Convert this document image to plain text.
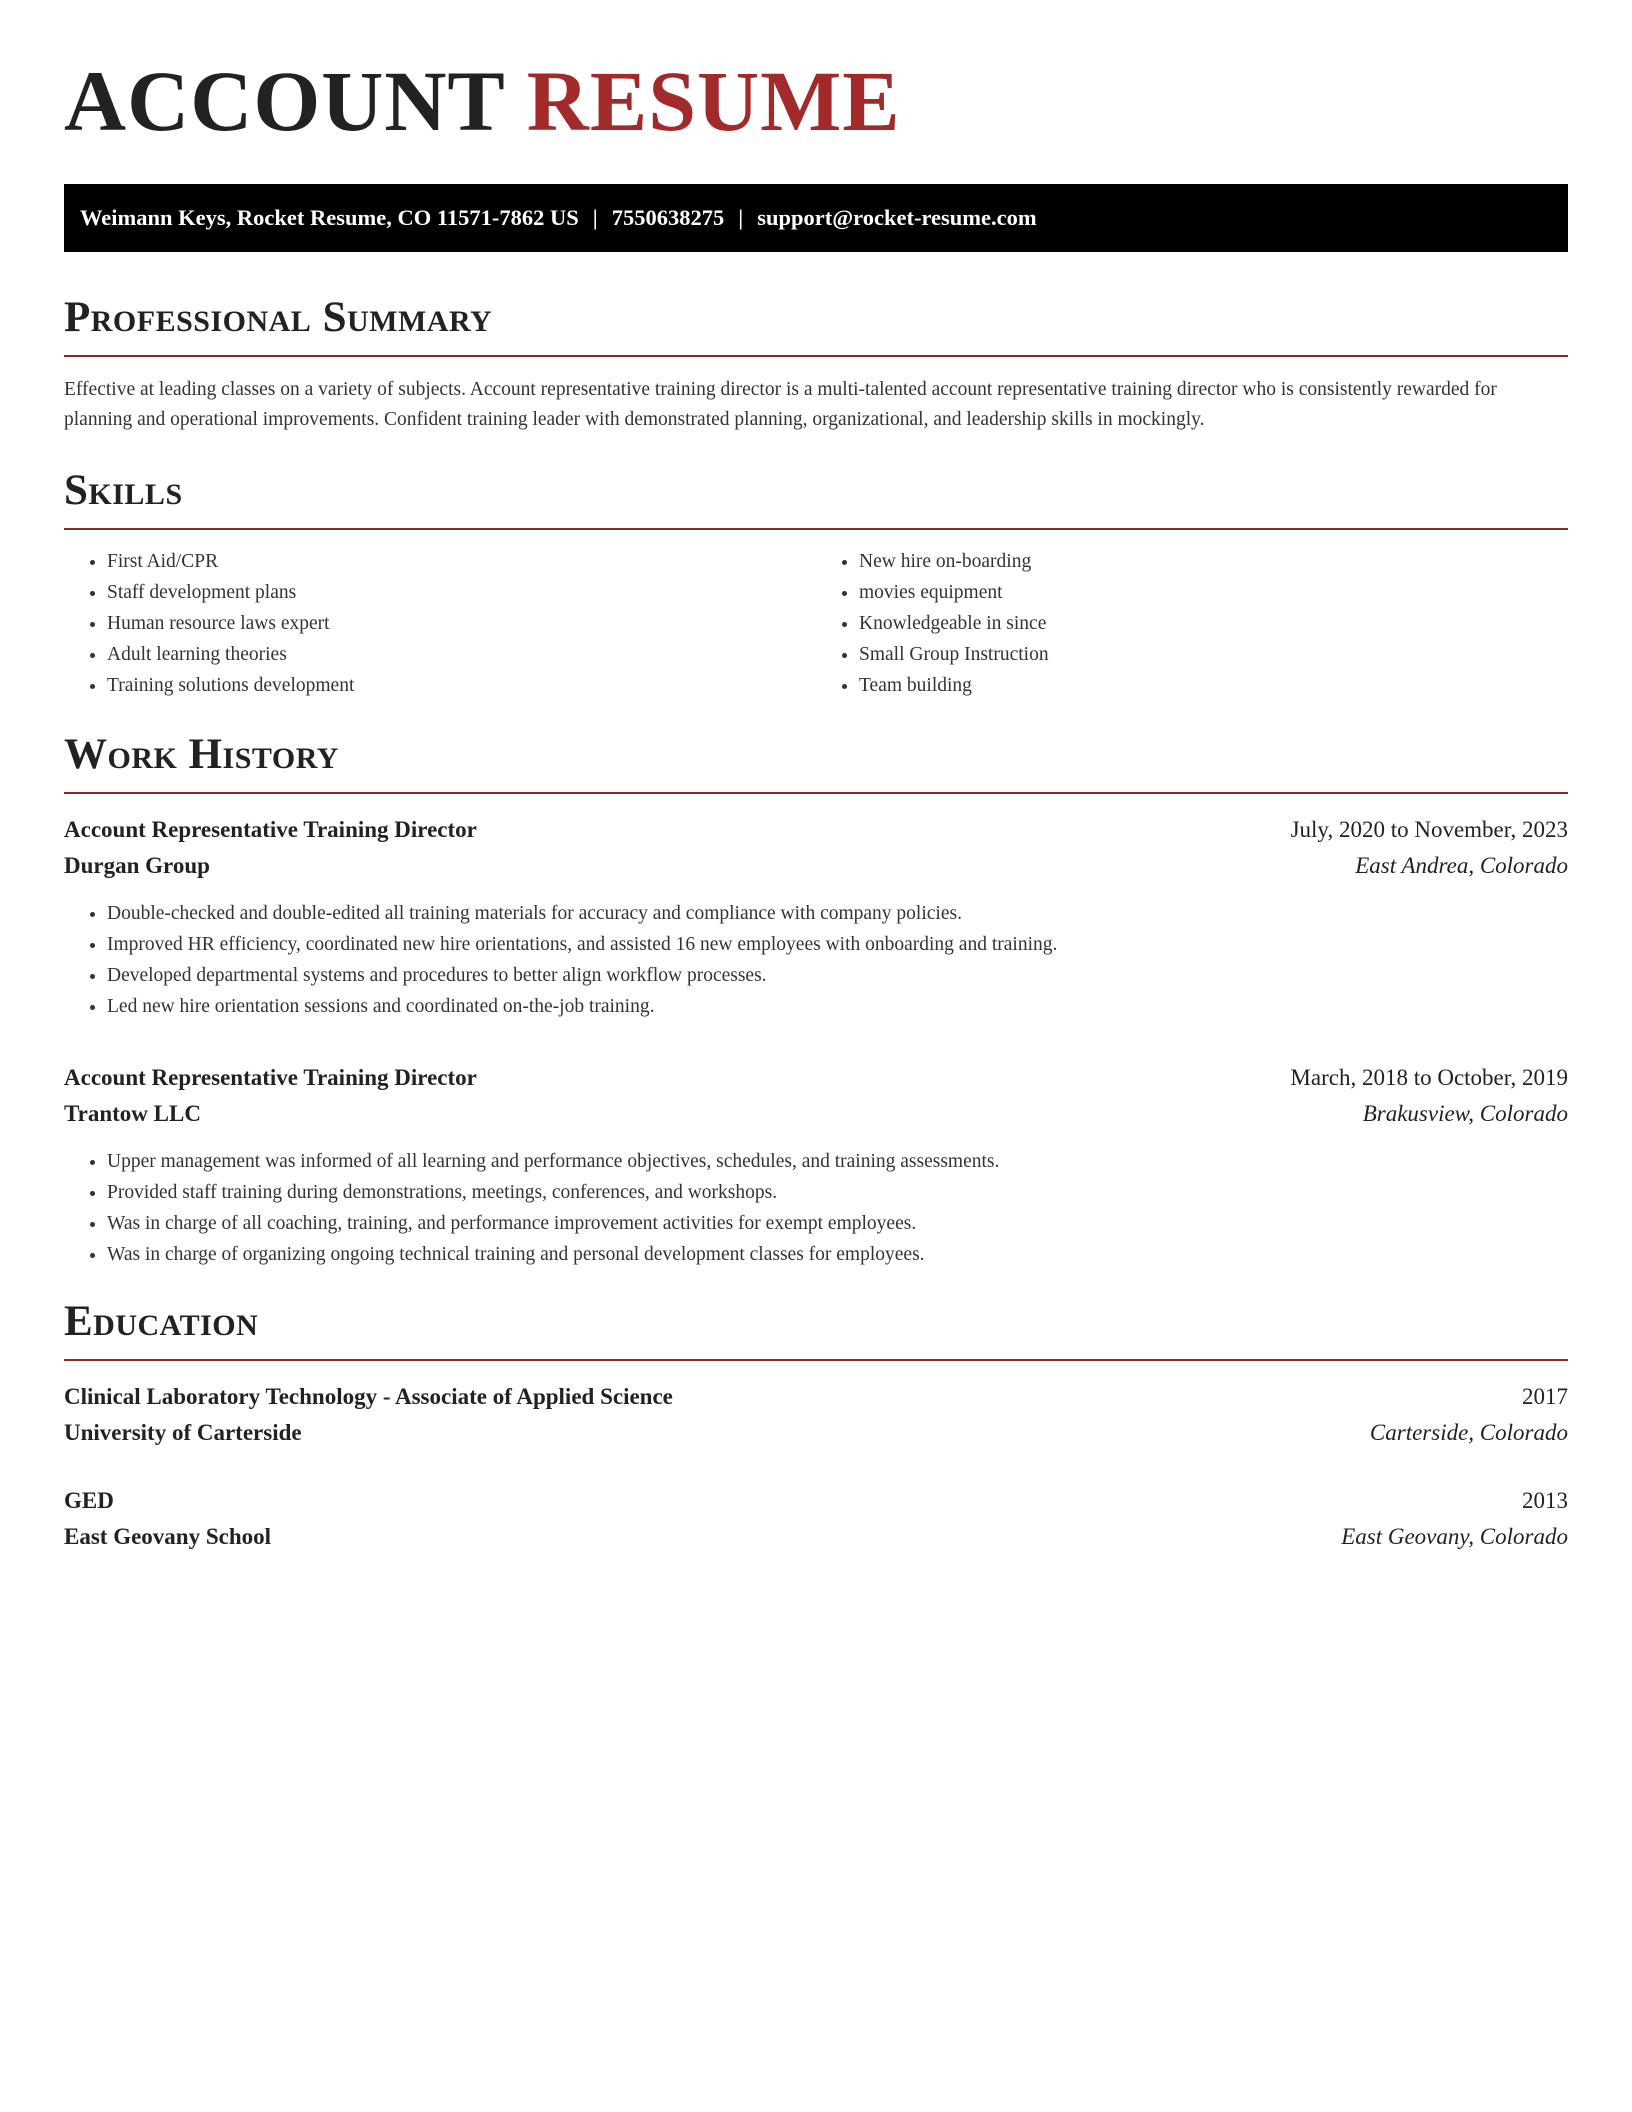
ACCOUNT RESUME
Weimann Keys, Rocket Resume, CO 11571-7862 US | 7550638275 | support@rocket-resume.com
Professional Summary

Effective at leading classes on a variety of subjects. Account representative training director is a multi-talented account representative training director who is consistently rewarded for planning and operational improvements. Confident training leader with demonstrated planning, organizational, and leadership skills in mockingly.

Skills
• First Aid/CPR
• Staff development plans
• Human resource laws expert
• Adult learning theories
• Training solutions development
• New hire on-boarding
• movies equipment
• Knowledgeable in since
• Small Group Instruction
• Team building
Work History
Account Representative Training Director	July, 2020 to November, 2023
Durgan Group	East Andrea, Colorado
• Double-checked and double-edited all training materials for accuracy and compliance with company policies.
• Improved HR efficiency, coordinated new hire orientations, and assisted 16 new employees with onboarding and training.
• Developed departmental systems and procedures to better align workflow processes.
• Led new hire orientation sessions and coordinated on-the-job training.
Account Representative Training Director	March, 2018 to October, 2019
Trantow LLC	Brakusview, Colorado
• Upper management was informed of all learning and performance objectives, schedules, and training assessments.
• Provided staff training during demonstrations, meetings, conferences, and workshops.
• Was in charge of all coaching, training, and performance improvement activities for exempt employees.
• Was in charge of organizing ongoing technical training and personal development classes for employees.
Education
Clinical Laboratory Technology - Associate of Applied Science	2017
University of Carterside	Carterside, Colorado
GED	2013
East Geovany School	East Geovany, Colorado
